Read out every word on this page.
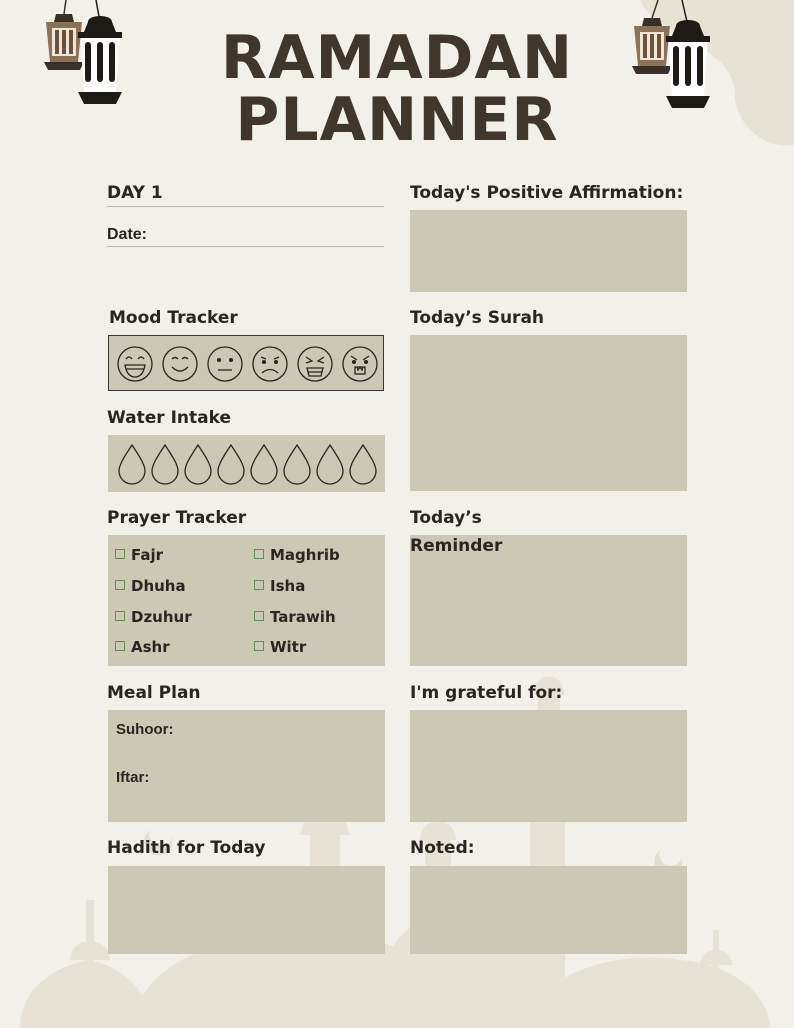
RAMADAN
PLANNER
DAY 1
Date:
Mood Tracker
Water Intake
Prayer Tracker
Fajr
Dhuha
Dzuhur
Ashr
Maghrib
Isha
Tarawih
Witr
Meal Plan
Suhoor:
Iftar:
Hadith for Today
Today's Positive Affirmation:
Today’s Surah
Today’s
Reminder
I'm grateful for:
Noted:
